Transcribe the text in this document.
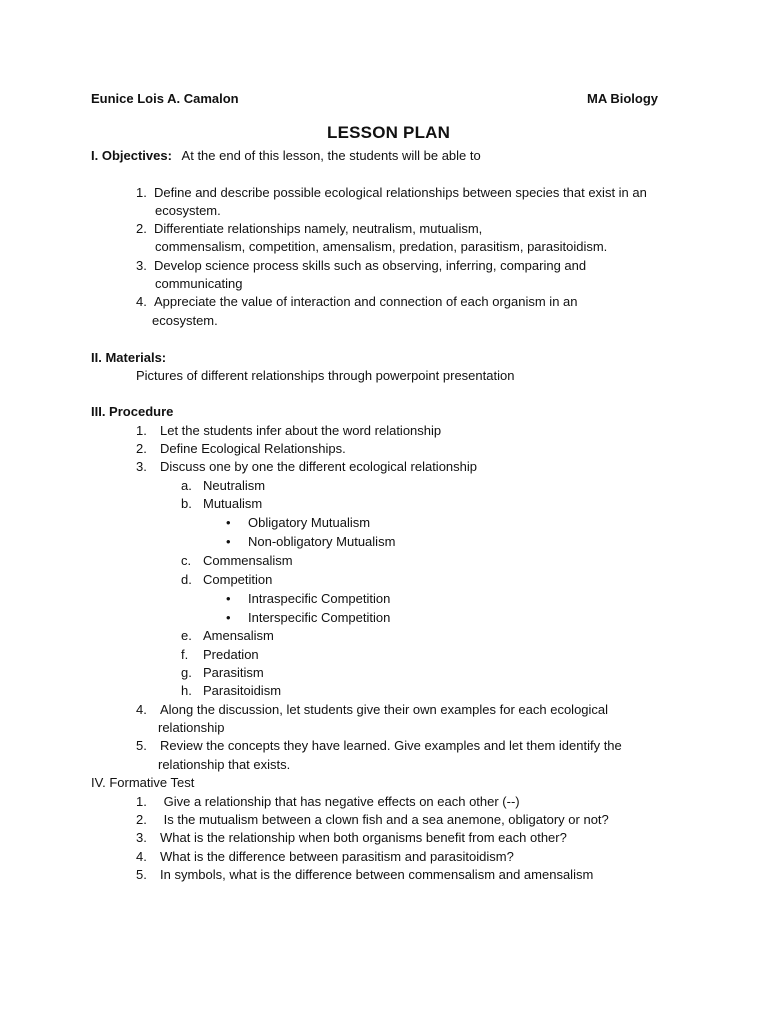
Eunice Lois A. Camalon	MA Biology
LESSON PLAN
I. Objectives: At the end of this lesson, the students will be able to
1. Define and describe possible ecological relationships between species that exist in an
ecosystem.
2. Differentiate relationships namely, neutralism, mutualism,
commensalism, competition, amensalism, predation, parasitism, parasitoidism.
3. Develop science process skills such as observing, inferring, comparing and
communicating
4. Appreciate the value of interaction and connection of each organism in an
ecosystem.
II. Materials:
Pictures of different relationships through powerpoint presentation
III. Procedure
1. Let the students infer about the word relationship
2. Define Ecological Relationships.
3. Discuss one by one the different ecological relationship
a. Neutralism
b. Mutualism
• Obligatory Mutualism
• Non-obligatory Mutualism
c. Commensalism
d. Competition
• Intraspecific Competition
• Interspecific Competition
e. Amensalism
f. Predation
g. Parasitism
h. Parasitoidism
4. Along the discussion, let students give their own examples for each ecological
relationship
5. Review the concepts they have learned. Give examples and let them identify the
relationship that exists.
IV. Formative Test
1. Give a relationship that has negative effects on each other (--)
2. Is the mutualism between a clown fish and a sea anemone, obligatory or not?
3. What is the relationship when both organisms benefit from each other?
4. What is the difference between parasitism and parasitoidism?
5. In symbols, what is the difference between commensalism and amensalism
